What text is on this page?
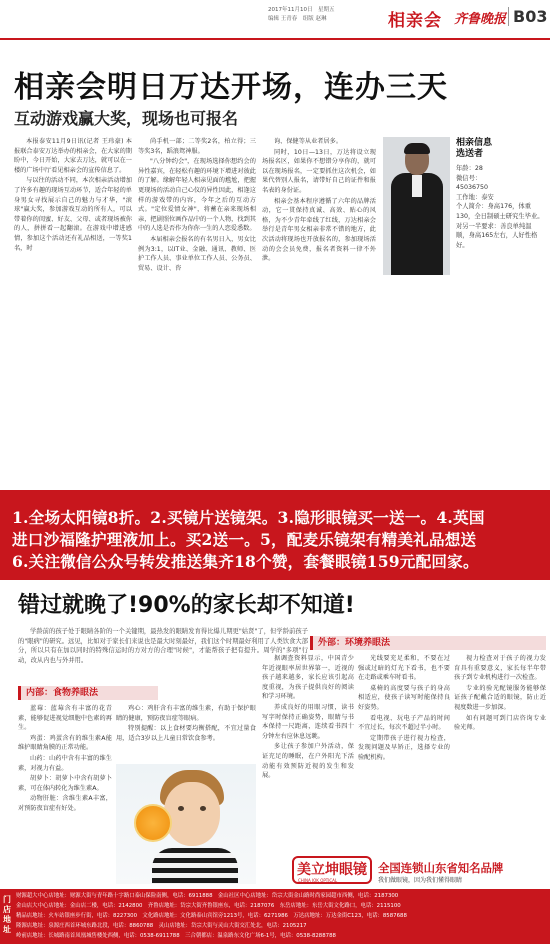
2017年11月10日　星期五
编辑 王青春　组版 赵琳	相亲会 齐鲁晚报 B03
相亲会明日万达开场，连办三天
互动游戏赢大奖，现场也可报名

本报泰安11月9日讯(记者 王玮豪) 本报联合泰安万达举办的相亲会，在大家的期盼中，今日开始，大家去万达，就可以在一楼的广场中厅看见相亲会的宣传信息了。

与以往的活动不同，本次相亲活动增加了许多有趣的现场互动环节，适合年轻的单身男女寻找展示自己的魅力与才华，"滚球"赢大奖，参加游戏互动的所有人，可以带着你的闺蜜、好友、父母、或者现场被你的人，拼拼看一起翻滚。在游戏中增进感情，参加这个活动还有礼品相送，一等奖1名，时

尚手机一部；二等奖2名，柏立得；三等奖3名，蹈浪鸳神服。

"八分钟约会"，在现场选择你想约会的异性嘉宾，在轻松有趣的环境下增进对彼此的了解。缘解年轻人相亲见面的尴尬，把握更现场的活动自己心仪的异性因此，相逢这样的游戏带的内容，今年之后的互动方式。"定位爱情女神"，将蓄在亲来现场相亲，把剧照位画作品中的一个人物，找到其中的人选是否作为你你一生的人恋爱悉数。

本届相亲会报名的有名男日入，男女比例为3:1，以IT业、金融、通讯、教师、医护工作人员、事业单位工作人员、公务员、贸易、设计、咨

询、保健等从业者居多。

同时，10日—13日，万达将设立现场报名区，如果你不想错分享你的，就可以在现场报名，一定要抓住这次机会，如果代替别人报名，请带好自己的证件和报名表的身份证。

相亲会基本程序遵循了六年的品牌活动，它一贯保持真诚、高效、贴心的风格，为不少青年牵线了红线，万达相亲会举行是青年男女相亲非常不错的地方，此次活动将现场也开放报名的，参加现场活动的会会员免费，报名者资料一律不外泄。

相亲信息
选送者
年龄：28
微信号：
45036750
工作地：泰安
个人简介：身高176，体重130，全日制硕士研究生毕业。
对另一半要求：善良单纯温顺，身高165左右，人好性格好。
1.全场太阳镜8折。2.买镜片送镜架。3.隐形眼镜买一送一。4.英国
进口沙福隆护理液加上。买2送一。5，配麦乐镜架有精美礼品想送
6.关注微信公众号转发推送集齐18个赞，套餐眼镜159元配回家。
错过就晚了!90%的家长却不知道!

学龄前的孩子处于眼睛各阶的一个关键期，最热发的眼睛发育得比爆儿期更"姑贤"了，但学龄前孩子的"眼病"的研究。远见，比如对于家长们来说也是最大时刻最好，我们这个时期最好利用了人类饮食大部分，所以只有在加以同时的特殊信运时的方对方的合理"时候"，才能帮孩子把有提升。周学的"多项"行动，改从内也与外并用。

内部：食物养眼法
外部：环境养眼法

蓝莓：蓝莓含有丰富的花青素，能够促进视觉细胞中色素的再生。

鸡蛋：鸡蛋含有的维生素A能维护眼睛角膜的正常功能。

山药：山药中含有丰富的维生素，对视力有益。

胡萝卜：胡萝卜中含有胡萝卜素，可在体内转化为维生素A。

动物肝脏：含维生素A丰富，对预防夜盲症有好处。

鸡心：鸡肝含有丰富的维生素，有助于保护眼睛的健康，预防夜盲症等眼病。

特别提醒：以上食材要均衡搭配，不宜过量食用，适合3岁以上儿童日常饮食参考。

据调查资料显示，中国青少年近视眼率居世界第一，近视的孩子越来越多，家长应该引起高度重视，为孩子提供良好的阅读和学习环境。

养成良好的用眼习惯，读书写字时保持正确姿势，眼睛与书本保持一尺距离，连续看书四十分钟左右应休息远眺。

多让孩子参加户外活动，保证充足的睡眠，在户外阳光下活动能有效预防近视的发生和发展。

光线要充足柔和，不要在过强或过暗的灯光下看书，也不要在走路或乘车时看书。

桌椅的高度要与孩子的身高相适应，使孩子读写时能保持良好姿势。

看电视、玩电子产品的时间不宜过长，每次不超过半小时。

定期带孩子进行视力检查，发现问题及早矫正，选择专业的验配机构。

视力检查对于孩子的视力发育具有重要意义，家长每半年带孩子到专业机构进行一次检查。

专业的验光配镜服务能够保证孩子配戴合适的眼镜，防止近视度数进一步加深。

如有问题可到门店咨询专业验光师。

美立坤眼镜
CHINA JOK OPTICAL
全国连锁山东省知名品牌
我们做眼镜，因为我们懂得眼睛
门店地址
财源超大中心店地址：财源大街与青年路十字路口泰山保险南侧，电话：6911888　金山社区中心店地址：岱宗大街金山路时尚家园超市西侧，电话：2187300
金山店大中心店地址：金山店二楼，电话：2142800　齐鲁店地址：岱宗大街齐鲁银座东，电话：2187076　东岳店地址：东岳大街文化路口，电话：2115100
精品店地址：火车站银座步行街，电话：8227300　文化路店地址：文化路泰山宾馆旁1213号，电话：6271986　万达店地址：万达金街C123，电话：8587688
隆源店地址：泉源庄西首环城东路北段，电话：8860788　灵山店地址：岱宗大街与灵山大街交汇处北，电话：2105217
岭前店地址：长城路南首凤凰城售楼处西侧，电话：0538-6911788　三合朝都店：温泉路东文化广场6-1号，电话：0538-8288788
